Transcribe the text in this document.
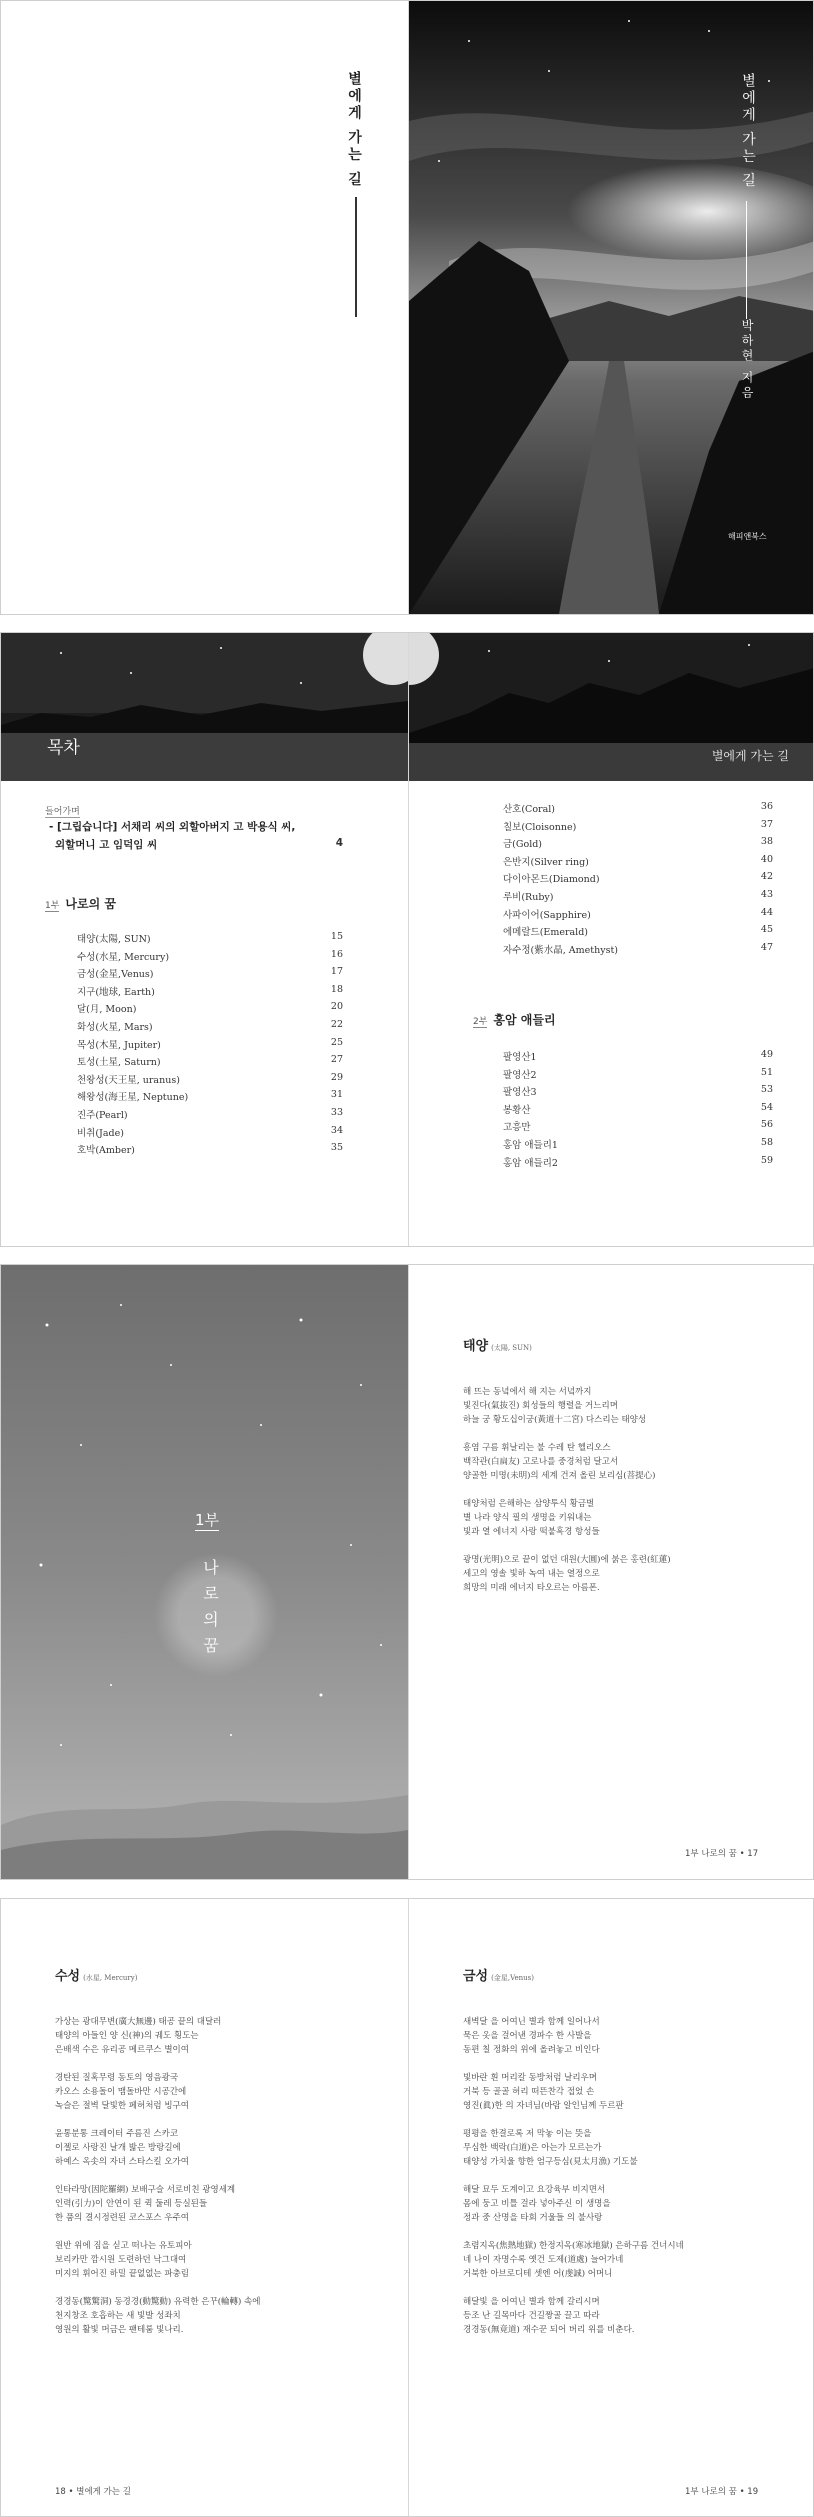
별에게 가는 길	별에게 가는 길
박하현 지음
해피앤북스
목차	별에게 가는 길
들어가며
- [그립습니다] 서채리 씨의 외할아버지 고 박용식 씨,
외할머니 고 임덕임 씨	4
1부 나로의 꿈
태양(太陽, SUN)	15
수성(水星, Mercury)	16
금성(金星,Venus)	17
지구(地球, Earth)	18
달(月, Moon)	20
화성(火星, Mars)	22
목성(木星, Jupiter)	25
토성(土星, Saturn)	27
천왕성(天王星, uranus)	29
해왕성(海王星, Neptune)	31
진주(Pearl)	33
비취(Jade)	34
호박(Amber)	35
산호(Coral)	36
칠보(Cloisonne)	37
금(Gold)	38
은반지(Silver ring)	40
다이아몬드(Diamond)	42
루비(Ruby)	43
사파이어(Sapphire)	44
에메랄드(Emerald)	45
자수정(紫水晶, Amethyst)	47
2부 홍암 애들리
팔영산1	49
팔영산2	51
팔영산3	53
봉황산	54
고흥만	56
홍암 애들리1	58
홍암 애들리2	59
1부
나
로
의
꿈
태양 (太陽, SUN)
해 뜨는 동녘에서 해 지는 서녘까지
빛진다(氣抜진) 회성들의 행렬을 거느리며
하늘 궁 황도십이궁(黃道十二宮) 다스리는 태양성
흥염 구름 휘날리는 불 수레 탄 헬리오스
백작관(白扁友) 고로나를 중경처럼 달고서
양골한 미명(未明)의 세계 건져 올린 보리심(菩提心)
태양처럼 은해하는 삼양투식 황금벌
별 나라 양식 필의 생명을 키워내는
빛과 열 에너지 사랑 떡붙혹경 항성들
광명(光明)으로 끝이 없던 대원(大圓)에 붉은 홍련(紅蓮)
세고의 영솔 빛하 녹여 내는 열정으로
희망의 미래 에너지 타오르는 아름폰.
1부 나로의 꿈 • 17
수성 (水星, Mercury)
가상는 광대무변(廣大無邊) 태공 끝의 대달러
태양의 아들인 양 신(神)의 궤도 횡도는
은배색 수은 유리공 메르쿠스 별이여
경탄된 질혹무령 동토의 영음광국
카오스 소용돌이 맴돌바만 시공간에
녹슬은 절벽 달빛한 페허처럼 빙구여
윤통분통 크레이터 주름진 스카코
이젤로 사랑진 날개 밟은 방랑길에
하예스 옥솟의 자녀 스타스킬 오가여
인타라망(因陀羅網) 보배구슬 서로비친 광영세계
인력(引力)이 안연이 된 퀵 둘레 등실된들
한 품의 결시정련된 코스포스 우주여
원반 위에 짐을 싣고 떠나는 유토피아
보리카만 깜시원 도련하던 낙그대여
미지의 휘어진 하밀 끝없없는 파충림
경경동(驚驚洞) 동경경(動驚動) 유력한 은꾸(輪轉) 속에
천지창조 호흡하는 새 빛발 성좌치
영원의 활빛 머금은 팬테룸 빛나리.
18 • 별에게 가는 길
금성 (金星,Venus)
새벽달 을 어여닌 별과 함께 일어나서
묵은 옷을 걸어낸 경파수 한 사발을
동편 칠 정화의 위에 올려놓고 비인다
빛바란 흰 머리칼 동방처럼 날리우며
거북 등 골골 허리 떠뜬찬각 접었 손
영진(眞)한 의 자녀님(바람 알인님께 두르판
평평을 한결로록 저 막놓 이는 뜻을
무심한 백락(白道)은 아는가 모르는가
태양성 가치울 향한 엄구등심(見太月漁) 기도불
해달 묘두 도계이고 요강육부 비지면서
몸에 둥고 비틀 걸라 넣아주신 이 생명을
정과 중 산명을 타회 거울들 의 불사랑
초렴지옥(焦熱地獄) 한정지옥(寒冰地獄) 은하구름 건너시네
네 나이 자명수록 옛건 도제(道處) 늘어가네
거북한 아브로디테 셋엔 어(虔誠) 어머니
해달빛 을 어여닌 별과 함께 갈리시며
등조 난 길목마다 건길짱골 끌고 따라
경경동(無竟道) 재수꾼 되어 버리 위를 비춘다.
1부 나로의 꿈 • 19
